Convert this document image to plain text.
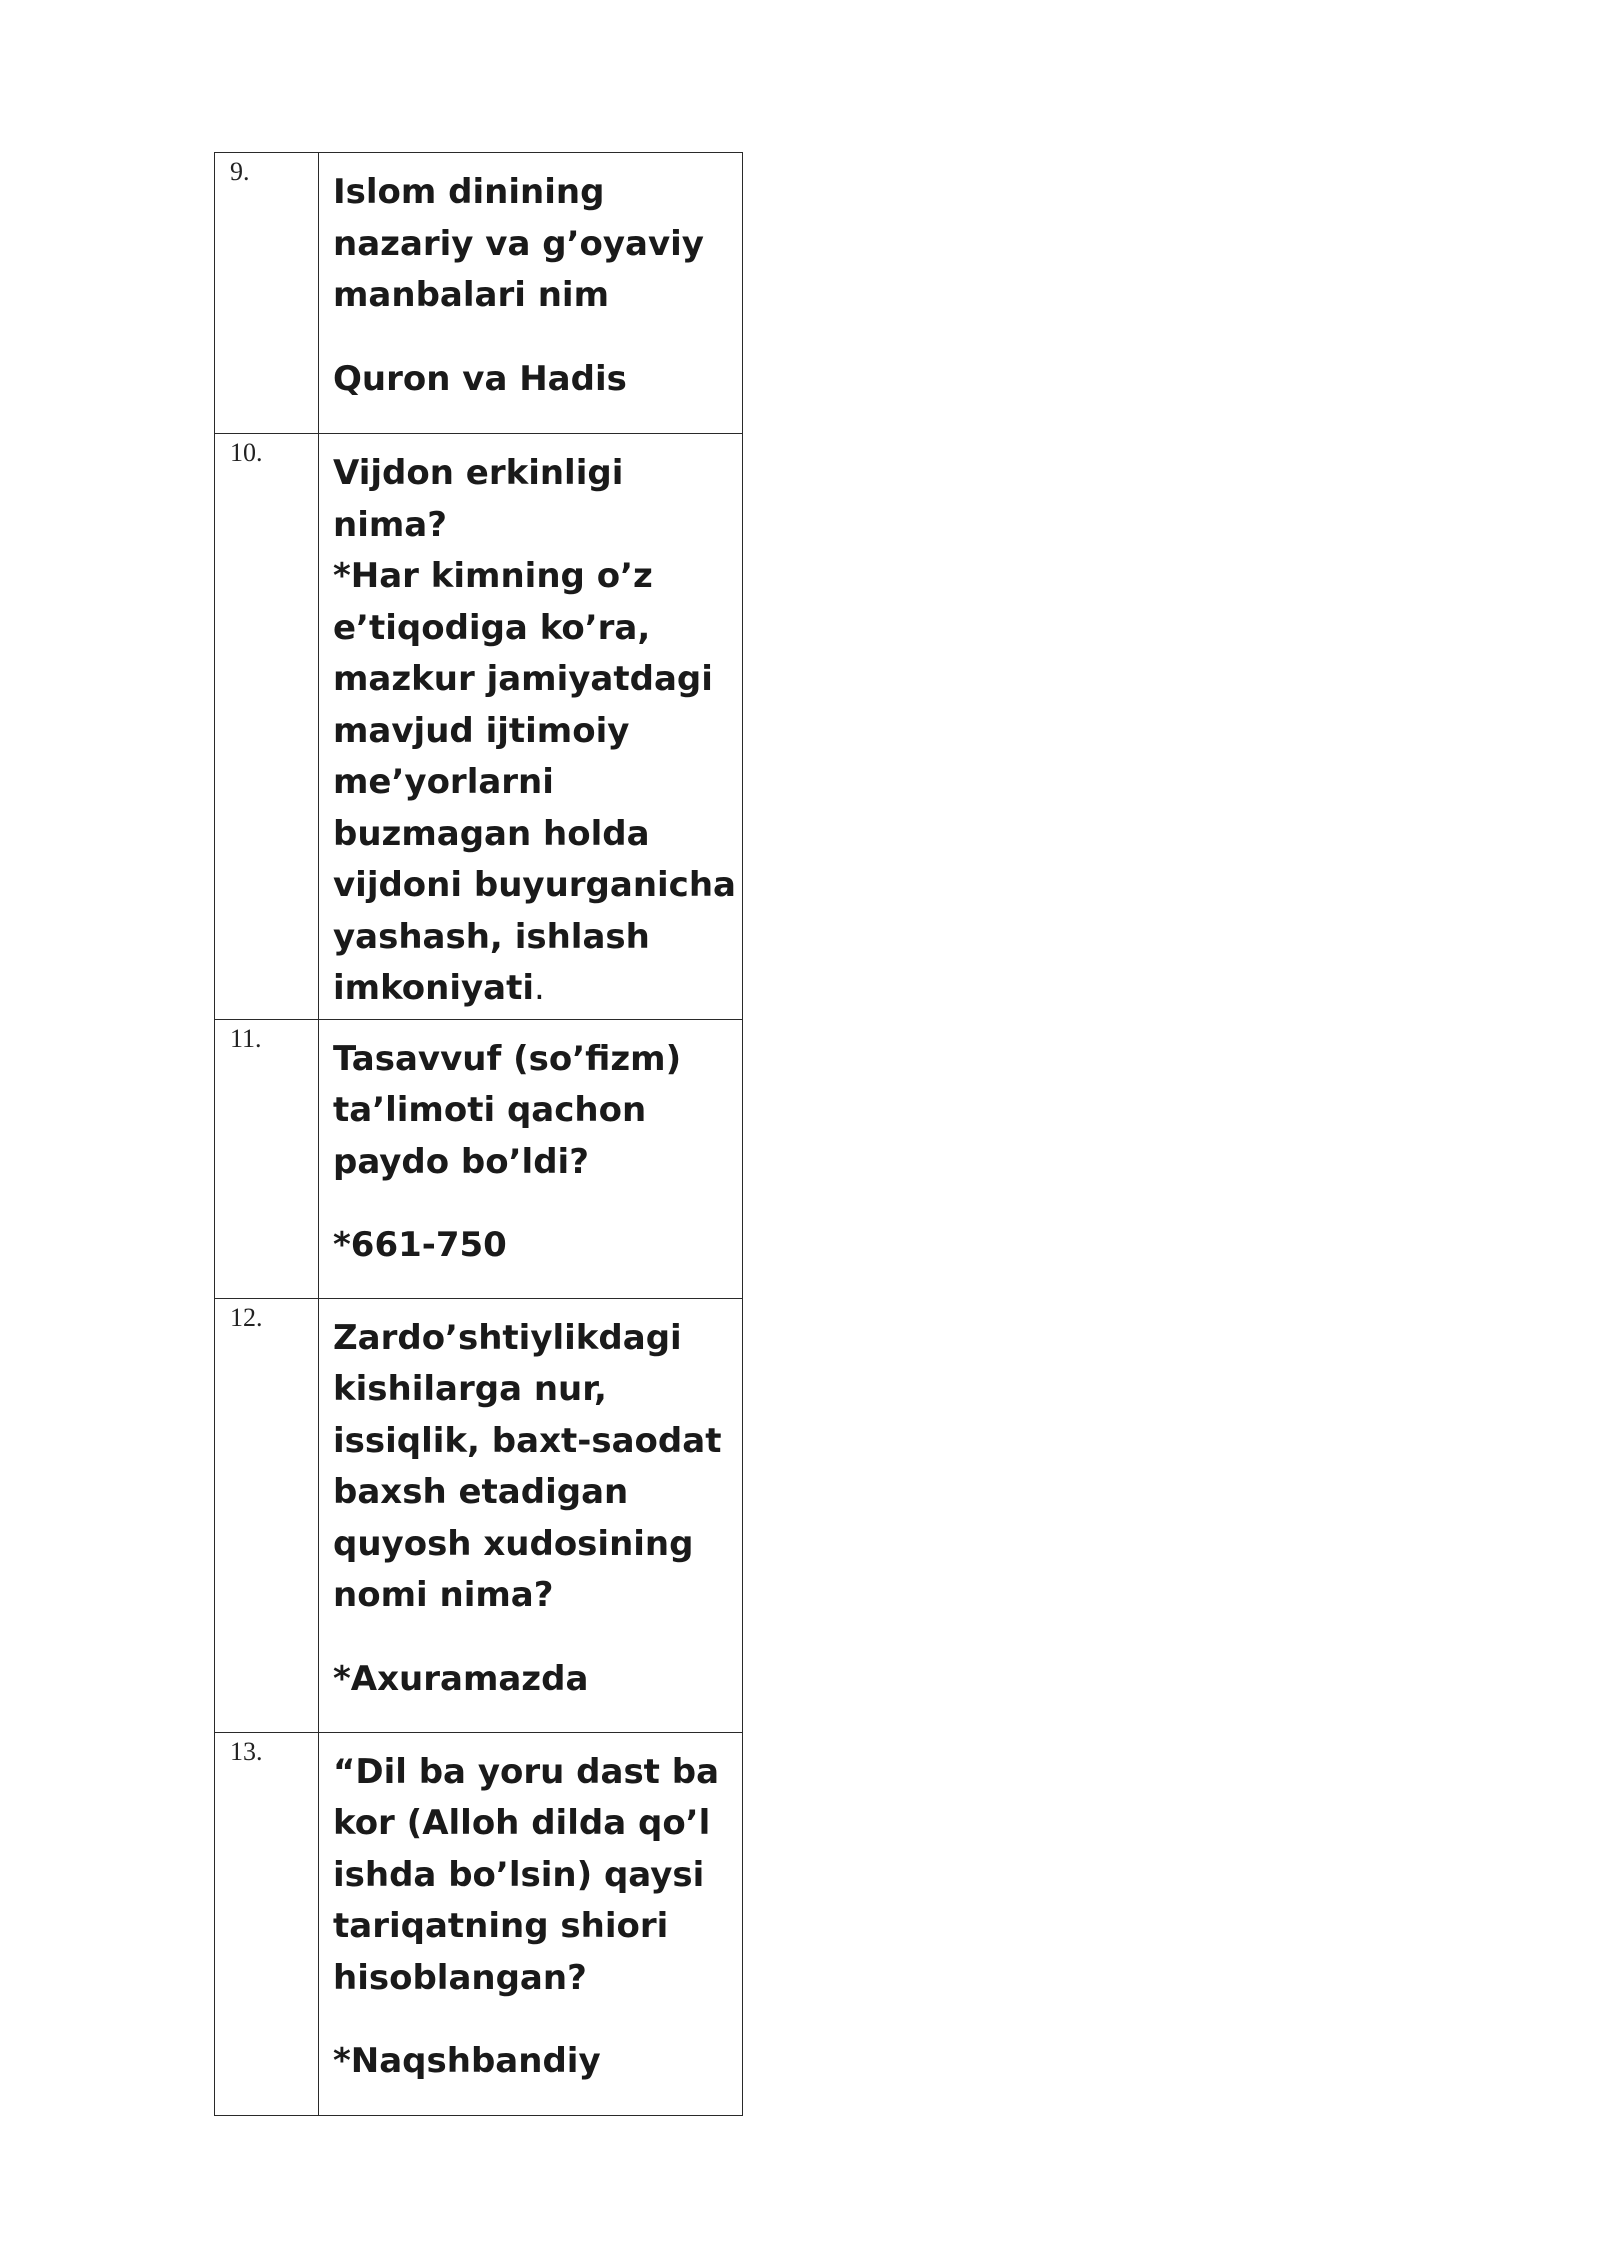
9.	Islom dinining nazariy va g’oyaviy manbalari nim

Quron va Hadis

10.	Vijdon erkinligi nima?

*Har kimning o’z e’tiqodiga ko’ra, mazkur jamiyatdagi mavjud ijtimoiy me’yorlarni buzmagan holda vijdoni buyurganicha yashash, ishlash imkoniyati.

11.	Tasavvuf (so’fizm) ta’limoti qachon paydo bo’ldi?

*661-750

12.	Zardo’shtiylikdagi kishilarga nur, issiqlik, baxt-saodat baxsh etadigan quyosh xudosining nomi nima?

*Axuramazda

13.	“Dil ba yoru dast ba kor (Alloh dilda qo’l ishda bo’lsin) qaysi tariqatning shiori hisoblangan?

*Naqshbandiy
